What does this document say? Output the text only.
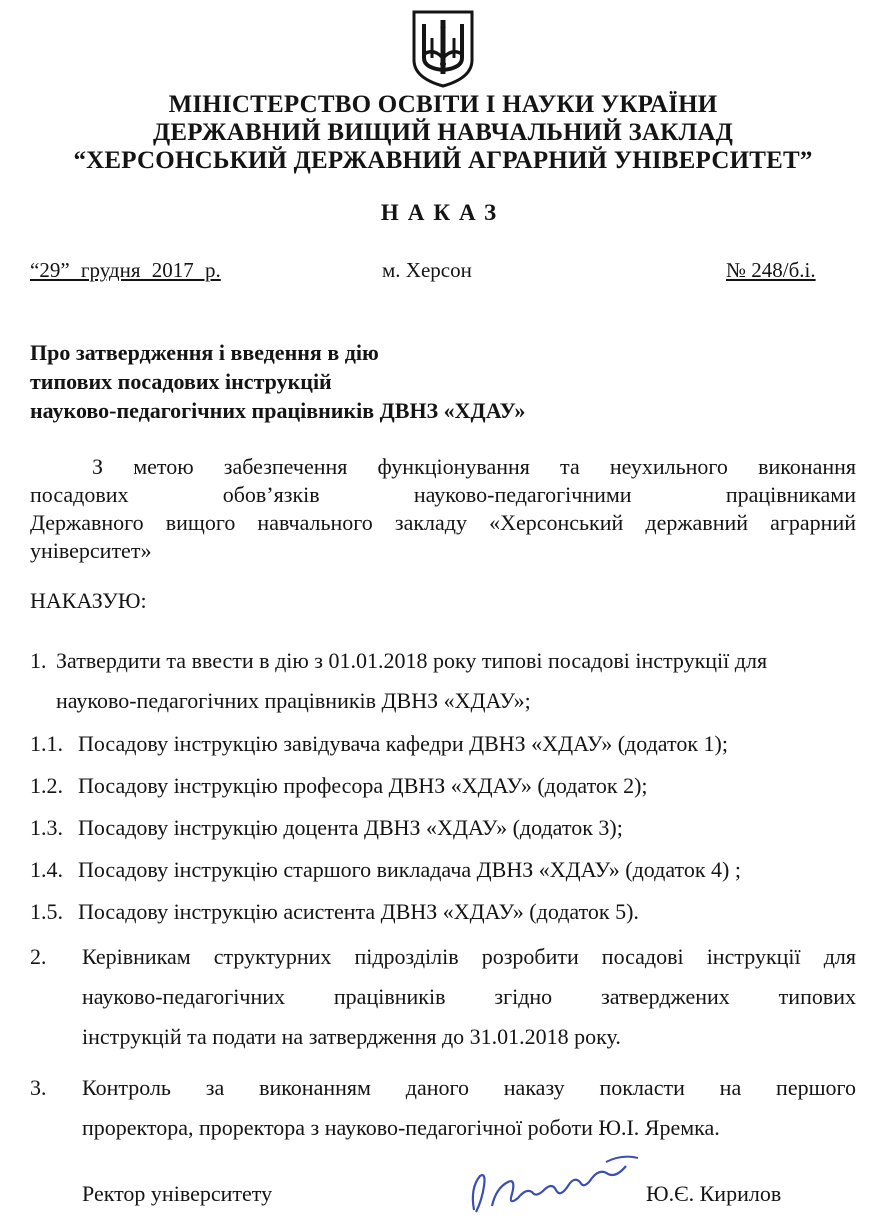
МІНІСТЕРСТВО ОСВІТИ І НАУКИ УКРАЇНИ
ДЕРЖАВНИЙ ВИЩИЙ НАВЧАЛЬНИЙ ЗАКЛАД
“ХЕРСОНСЬКИЙ ДЕРЖАВНИЙ АГРАРНИЙ УНІВЕРСИТЕТ”
НАКАЗ
“29” грудня 2017 р.	м. Херсон	№ 248/б.і.
Про затвердження і введення в дію
типових посадових інструкцій
науково-педагогічних працівників ДВНЗ «ХДАУ»
З метою забезпечення функціонування та неухильного виконання
посадових обов’язків науково-педагогічними працівниками
Державного вищого навчального закладу «Херсонський державний аграрний
університет»
НАКАЗУЮ:
1. Затвердити та ввести в дію з 01.01.2018 року типові посадові інструкції для
науково-педагогічних працівників ДВНЗ «ХДАУ»;
1.1. Посадову інструкцію завідувача кафедри ДВНЗ «ХДАУ» (додаток 1);
1.2. Посадову інструкцію професора ДВНЗ «ХДАУ» (додаток 2);
1.3. Посадову інструкцію доцента ДВНЗ «ХДАУ» (додаток 3);
1.4. Посадову інструкцію старшого викладача ДВНЗ «ХДАУ» (додаток 4) ;
1.5. Посадову інструкцію асистента ДВНЗ «ХДАУ» (додаток 5).
2. Керівникам структурних підрозділів розробити посадові інструкції для
науково-педагогічних працівників згідно затверджених типових
інструкцій та подати на затвердження до 31.01.2018 року.
3. Контроль за виконанням даного наказу покласти на першого
проректора, проректора з науково-педагогічної роботи Ю.І. Яремка.
Ректор університету	Ю.Є. Кирилов
